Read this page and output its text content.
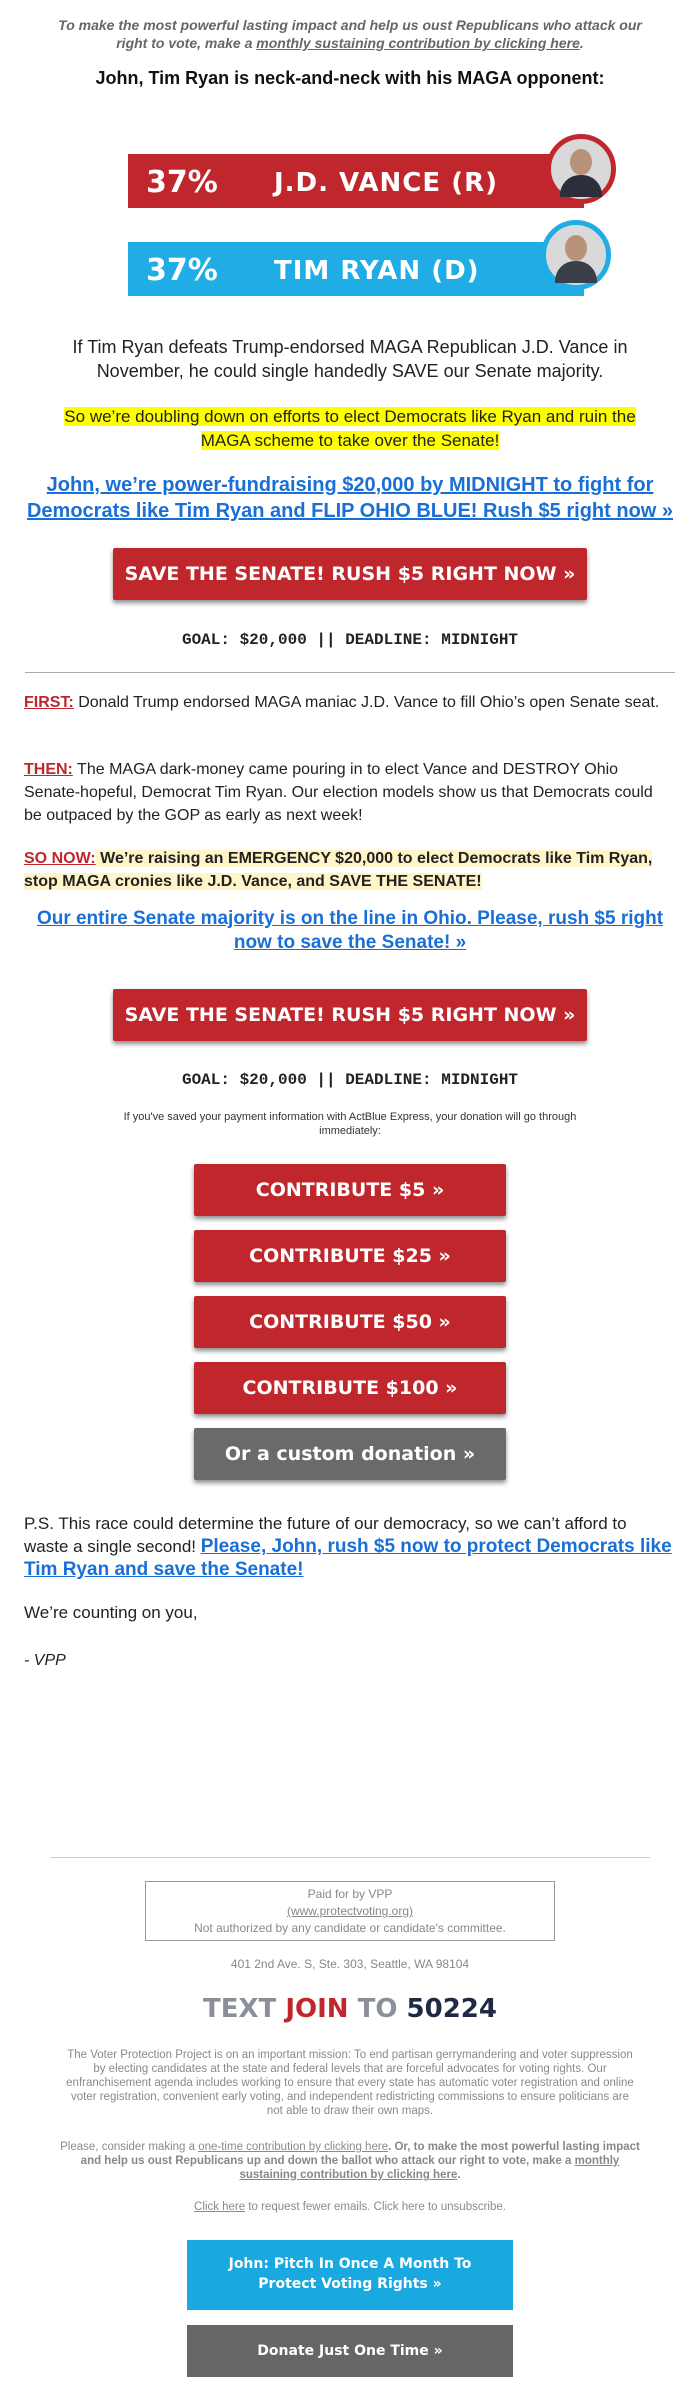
To make the most powerful lasting impact and help us oust Republicans who attack our right to vote, make a monthly sustaining contribution by clicking here.
John, Tim Ryan is neck-and-neck with his MAGA opponent:
37% J.D. VANCE (R)
37% TIM RYAN (D)
If Tim Ryan defeats Trump-endorsed MAGA Republican J.D. Vance in November, he could single handedly SAVE our Senate majority.
So we’re doubling down on efforts to elect Democrats like Ryan and ruin the MAGA scheme to take over the Senate!
John, we’re power-fundraising $20,000 by MIDNIGHT to fight for Democrats like Tim Ryan and FLIP OHIO BLUE! Rush $5 right now »
SAVE THE SENATE! RUSH $5 RIGHT NOW »
GOAL: $20,000 || DEADLINE: MIDNIGHT
FIRST: Donald Trump endorsed MAGA maniac J.D. Vance to fill Ohio’s open Senate seat.
THEN: The MAGA dark-money came pouring in to elect Vance and DESTROY Ohio Senate-hopeful, Democrat Tim Ryan. Our election models show us that Democrats could be outpaced by the GOP as early as next week!
SO NOW: We’re raising an EMERGENCY $20,000 to elect Democrats like Tim Ryan, stop MAGA cronies like J.D. Vance, and SAVE THE SENATE!
Our entire Senate majority is on the line in Ohio. Please, rush $5 right now to save the Senate! »
SAVE THE SENATE! RUSH $5 RIGHT NOW »
GOAL: $20,000 || DEADLINE: MIDNIGHT
If you've saved your payment information with ActBlue Express, your donation will go through immediately:
CONTRIBUTE $5 »
CONTRIBUTE $25 »
CONTRIBUTE $50 »
CONTRIBUTE $100 »
Or a custom donation »
P.S. This race could determine the future of our democracy, so we can’t afford to waste a single second! Please, John, rush $5 now to protect Democrats like Tim Ryan and save the Senate!
We’re counting on you,
- VPP
Paid for by VPP
(www.protectvoting.org)
Not authorized by any candidate or candidate's committee.
401 2nd Ave. S, Ste. 303, Seattle, WA 98104
TEXT JOIN TO 50224
The Voter Protection Project is on an important mission: To end partisan gerrymandering and voter suppression by electing candidates at the state and federal levels that are forceful advocates for voting rights. Our enfranchisement agenda includes working to ensure that every state has automatic voter registration and online voter registration, convenient early voting, and independent redistricting commissions to ensure politicians are not able to draw their own maps.
Please, consider making a one-time contribution by clicking here. Or, to make the most powerful lasting impact and help us oust Republicans up and down the ballot who attack our right to vote, make a monthly sustaining contribution by clicking here.
Click here to request fewer emails. Click here to unsubscribe.
John: Pitch In Once A Month To Protect Voting Rights »
Donate Just One Time »
